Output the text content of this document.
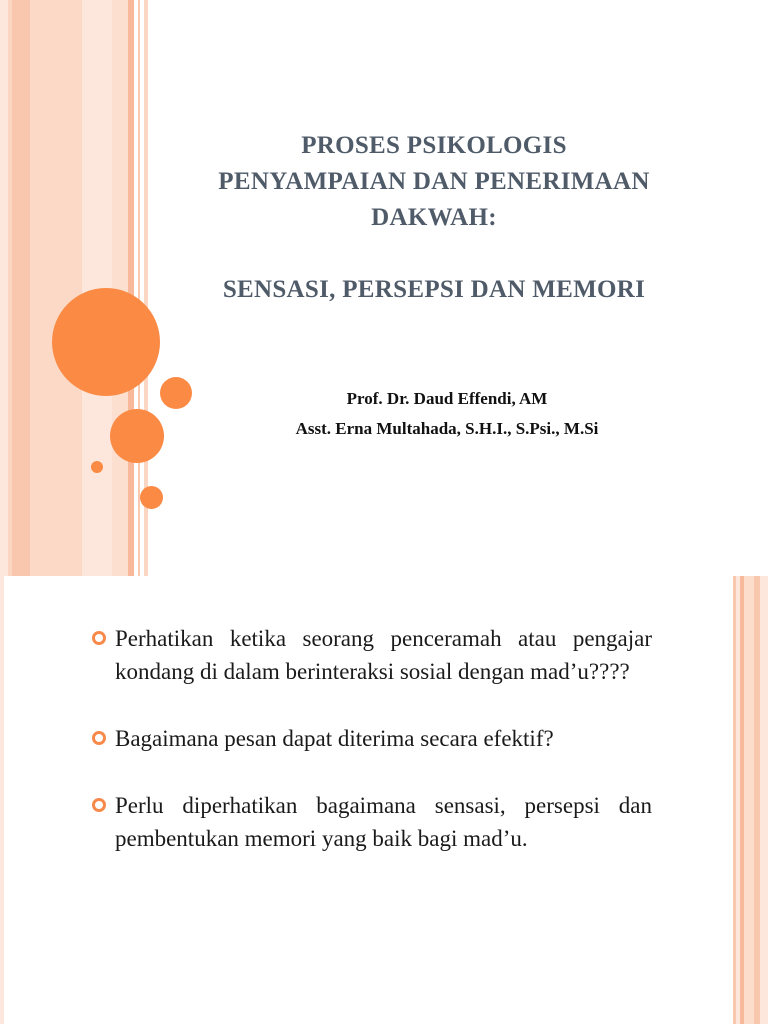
PROSES PSIKOLOGIS
PENYAMPAIAN DAN PENERIMAAN
DAKWAH:
SENSASI, PERSEPSI DAN MEMORI
Prof. Dr. Daud Effendi, AM
Asst. Erna Multahada, S.H.I., S.Psi., M.Si
Perhatikan ketika seorang penceramah atau pengajar kondang di dalam berinteraksi sosial dengan mad’u????
Bagaimana pesan dapat diterima secara efektif?
Perlu diperhatikan bagaimana sensasi, persepsi dan pembentukan memori yang baik bagi mad’u.
